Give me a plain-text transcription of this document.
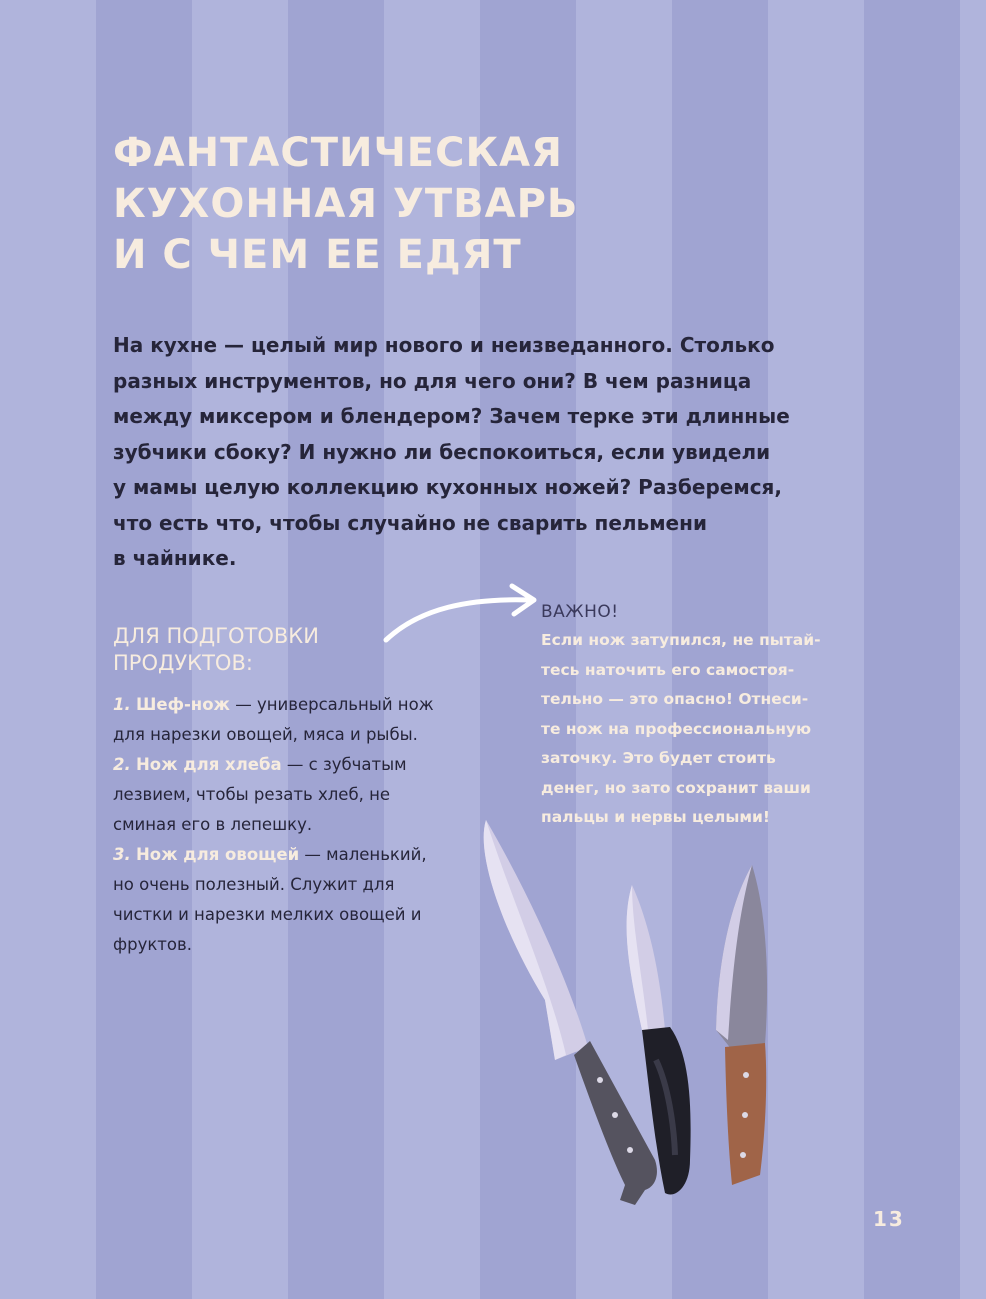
ФАНТАСТИЧЕСКАЯ
КУХОННАЯ УТВАРЬ
И С ЧЕМ ЕЕ ЕДЯТ
На кухне — целый мир нового и неизведанного. Столько
разных инструментов, но для чего они? В чем разница
между миксером и блендером? Зачем терке эти длинные
зубчики сбоку? И нужно ли беспокоиться, если увидели
у мамы целую коллекцию кухонных ножей? Разберемся,
что есть что, чтобы случайно не сварить пельмени
в чайнике.
ДЛЯ ПОДГОТОВКИ
ПРОДУКТОВ:

1. Шеф-нож — универсальный нож для нарезки овощей, мяса и рыбы.

2. Нож для хлеба — с зубчатым лезвием, чтобы резать хлеб, не сминая его в лепешку.

3. Нож для овощей — маленький, но очень полезный. Служит для чистки и нарезки мелких овощей и фруктов.

ВАЖНО!

Если нож затупился, не пытай-
тесь наточить его самостоя-
тельно — это опасно! Отнеси-
те нож на профессиональную
заточку. Это будет стоить
денег, но зато сохранит ваши
пальцы и нервы целыми!

13
